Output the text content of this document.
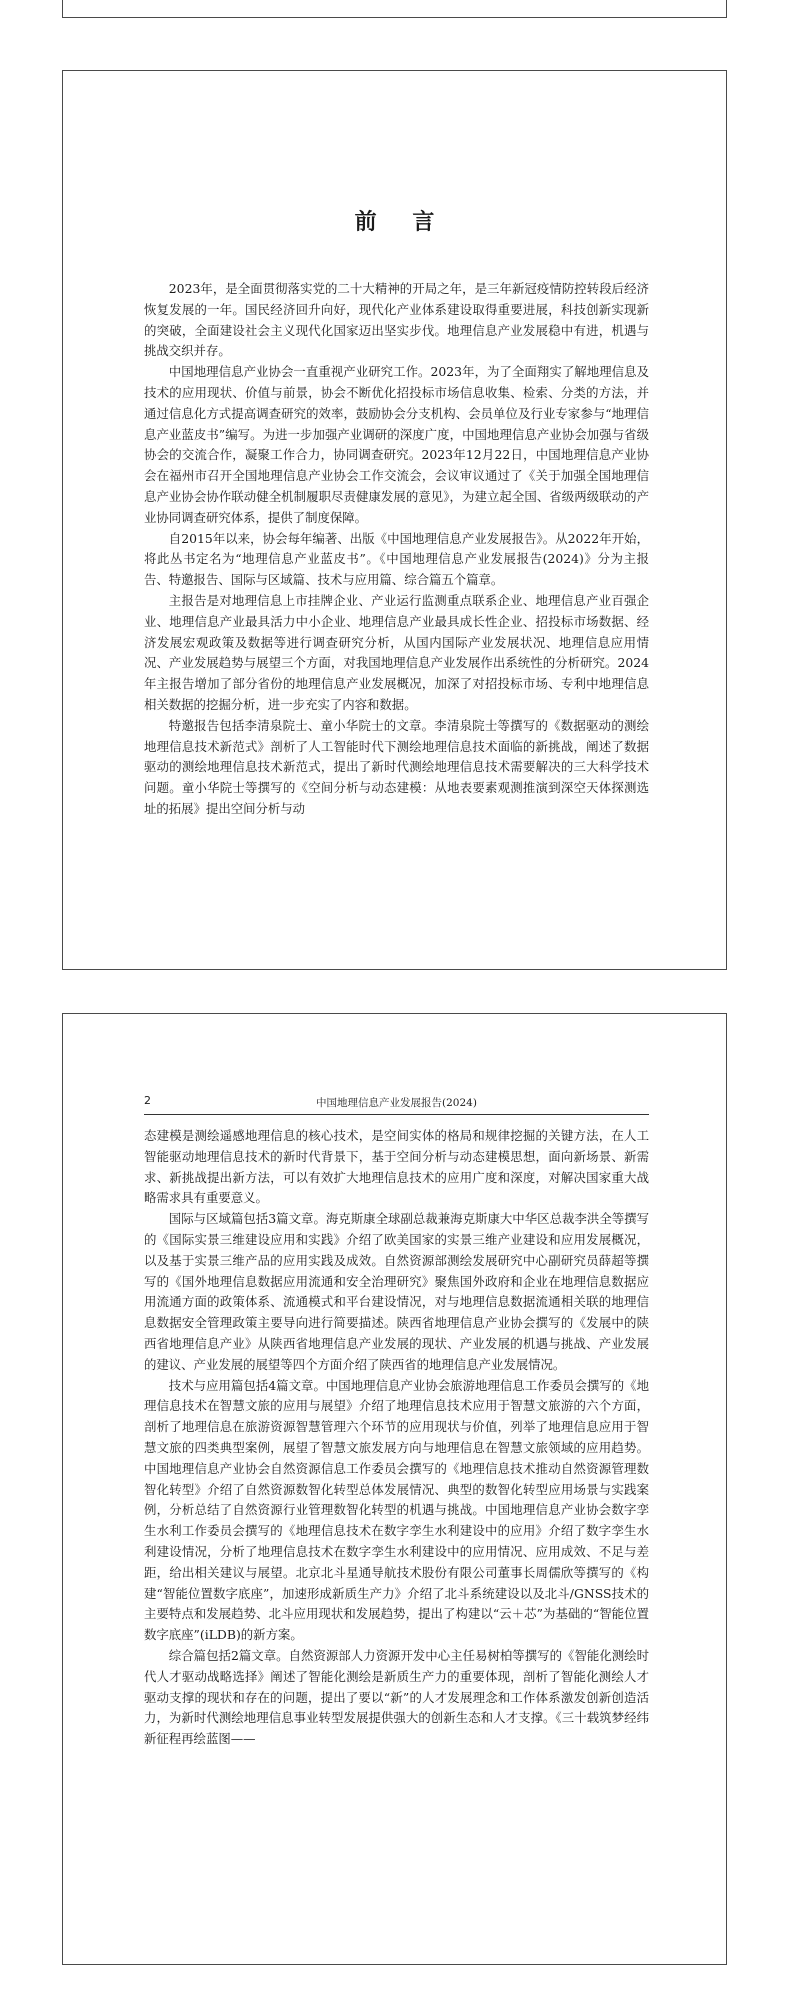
前 言

2023年，是全面贯彻落实党的二十大精神的开局之年，是三年新冠疫情防控转段后经济恢复发展的一年。国民经济回升向好，现代化产业体系建设取得重要进展，科技创新实现新的突破，全面建设社会主义现代化国家迈出坚实步伐。地理信息产业发展稳中有进，机遇与挑战交织并存。

中国地理信息产业协会一直重视产业研究工作。2023年，为了全面翔实了解地理信息及技术的应用现状、价值与前景，协会不断优化招投标市场信息收集、检索、分类的方法，并通过信息化方式提高调查研究的效率，鼓励协会分支机构、会员单位及行业专家参与“地理信息产业蓝皮书”编写。为进一步加强产业调研的深度广度，中国地理信息产业协会加强与省级协会的交流合作，凝聚工作合力，协同调查研究。2023年12月22日，中国地理信息产业协会在福州市召开全国地理信息产业协会工作交流会，会议审议通过了《关于加强全国地理信息产业协会协作联动健全机制履职尽责健康发展的意见》，为建立起全国、省级两级联动的产业协同调查研究体系，提供了制度保障。

自2015年以来，协会每年编著、出版《中国地理信息产业发展报告》。从2022年开始，将此丛书定名为“地理信息产业蓝皮书”。《中国地理信息产业发展报告(2024)》分为主报告、特邀报告、国际与区域篇、技术与应用篇、综合篇五个篇章。

主报告是对地理信息上市挂牌企业、产业运行监测重点联系企业、地理信息产业百强企业、地理信息产业最具活力中小企业、地理信息产业最具成长性企业、招投标市场数据、经济发展宏观政策及数据等进行调查研究分析，从国内国际产业发展状况、地理信息应用情况、产业发展趋势与展望三个方面，对我国地理信息产业发展作出系统性的分析研究。2024年主报告增加了部分省份的地理信息产业发展概况，加深了对招投标市场、专利中地理信息相关数据的挖掘分析，进一步充实了内容和数据。

特邀报告包括李清泉院士、童小华院士的文章。李清泉院士等撰写的《数据驱动的测绘地理信息技术新范式》剖析了人工智能时代下测绘地理信息技术面临的新挑战，阐述了数据驱动的测绘地理信息技术新范式，提出了新时代测绘地理信息技术需要解决的三大科学技术问题。童小华院士等撰写的《空间分析与动态建模：从地表要素观测推演到深空天体探测选址的拓展》提出空间分析与动

2	中国地理信息产业发展报告(2024)

态建模是测绘遥感地理信息的核心技术，是空间实体的格局和规律挖掘的关键方法，在人工智能驱动地理信息技术的新时代背景下，基于空间分析与动态建模思想，面向新场景、新需求、新挑战提出新方法，可以有效扩大地理信息技术的应用广度和深度，对解决国家重大战略需求具有重要意义。

国际与区域篇包括3篇文章。海克斯康全球副总裁兼海克斯康大中华区总裁李洪全等撰写的《国际实景三维建设应用和实践》介绍了欧美国家的实景三维产业建设和应用发展概况，以及基于实景三维产品的应用实践及成效。自然资源部测绘发展研究中心副研究员薛超等撰写的《国外地理信息数据应用流通和安全治理研究》聚焦国外政府和企业在地理信息数据应用流通方面的政策体系、流通模式和平台建设情况，对与地理信息数据流通相关联的地理信息数据安全管理政策主要导向进行简要描述。陕西省地理信息产业协会撰写的《发展中的陕西省地理信息产业》从陕西省地理信息产业发展的现状、产业发展的机遇与挑战、产业发展的建议、产业发展的展望等四个方面介绍了陕西省的地理信息产业发展情况。

技术与应用篇包括4篇文章。中国地理信息产业协会旅游地理信息工作委员会撰写的《地理信息技术在智慧文旅的应用与展望》介绍了地理信息技术应用于智慧文旅游的六个方面，剖析了地理信息在旅游资源智慧管理六个环节的应用现状与价值，列举了地理信息应用于智慧文旅的四类典型案例，展望了智慧文旅发展方向与地理信息在智慧文旅领域的应用趋势。中国地理信息产业协会自然资源信息工作委员会撰写的《地理信息技术推动自然资源管理数智化转型》介绍了自然资源数智化转型总体发展情况、典型的数智化转型应用场景与实践案例，分析总结了自然资源行业管理数智化转型的机遇与挑战。中国地理信息产业协会数字孪生水利工作委员会撰写的《地理信息技术在数字孪生水利建设中的应用》介绍了数字孪生水利建设情况，分析了地理信息技术在数字孪生水利建设中的应用情况、应用成效、不足与差距，给出相关建议与展望。北京北斗星通导航技术股份有限公司董事长周儒欣等撰写的《构建“智能位置数字底座”，加速形成新质生产力》介绍了北斗系统建设以及北斗/GNSS技术的主要特点和发展趋势、北斗应用现状和发展趋势，提出了构建以“云＋芯”为基础的“智能位置数字底座”(iLDB)的新方案。

综合篇包括2篇文章。自然资源部人力资源开发中心主任易树柏等撰写的《智能化测绘时代人才驱动战略选择》阐述了智能化测绘是新质生产力的重要体现，剖析了智能化测绘人才驱动支撑的现状和存在的问题，提出了要以“新”的人才发展理念和工作体系激发创新创造活力，为新时代测绘地理信息事业转型发展提供强大的创新生态和人才支撑。《三十载筑梦经纬　新征程再绘蓝图——
